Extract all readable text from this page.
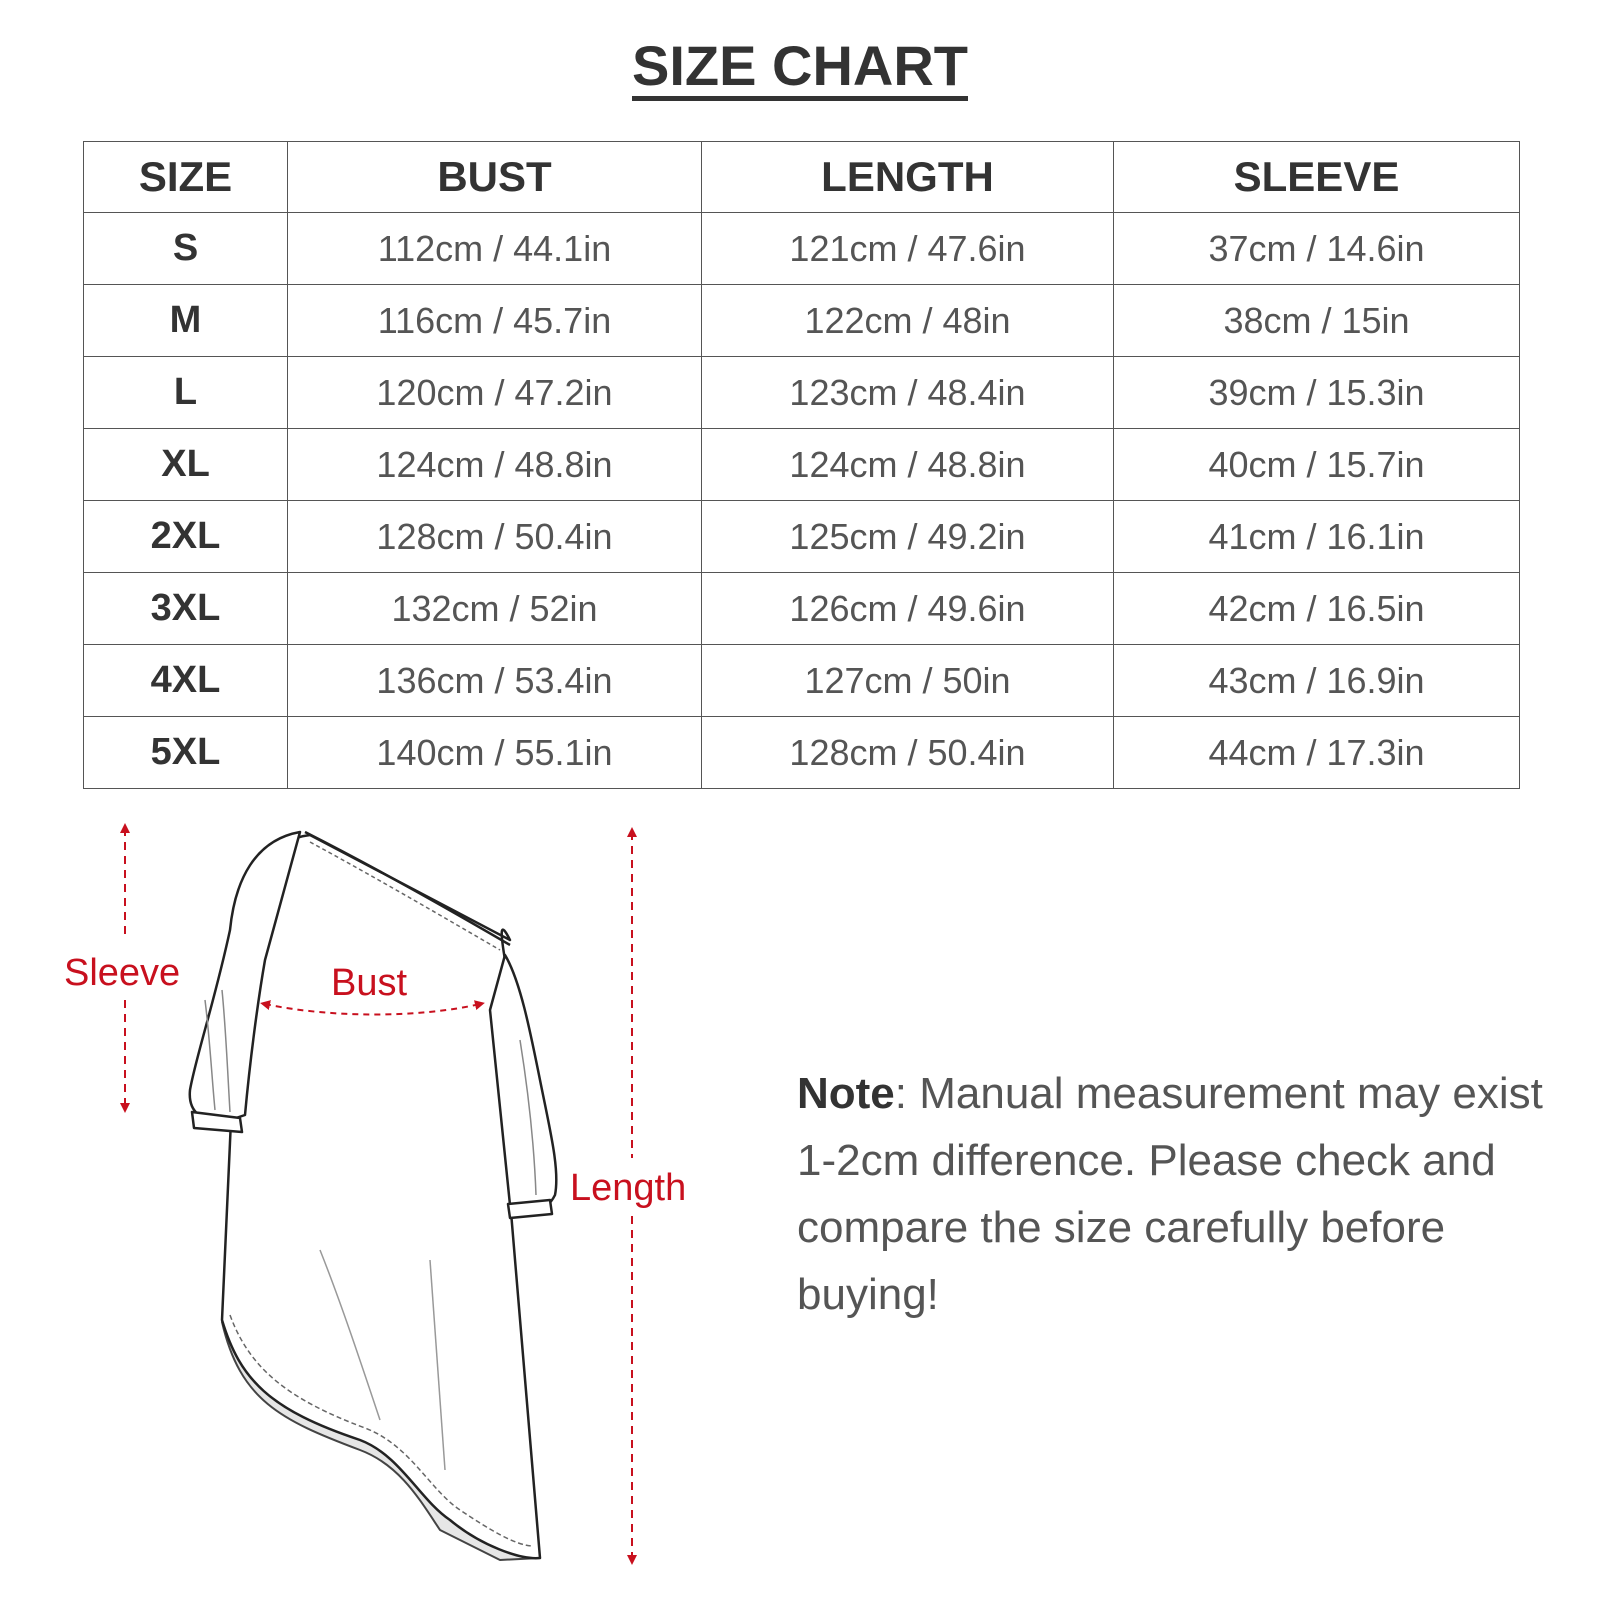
SIZE CHART
SIZE	BUST	LENGTH	SLEEVE
S	112cm / 44.1in	121cm / 47.6in	37cm / 14.6in
M	116cm / 45.7in	122cm / 48in	38cm / 15in
L	120cm / 47.2in	123cm / 48.4in	39cm / 15.3in
XL	124cm / 48.8in	124cm / 48.8in	40cm / 15.7in
2XL	128cm / 50.4in	125cm / 49.2in	41cm / 16.1in
3XL	132cm / 52in	126cm / 49.6in	42cm / 16.5in
4XL	136cm / 53.4in	127cm / 50in	43cm / 16.9in
5XL	140cm / 55.1in	128cm / 50.4in	44cm / 17.3in
Sleeve	Bust
Length
Note: Manual measurement may exist 1-2cm difference. Please check and compare the size carefully before buying!
